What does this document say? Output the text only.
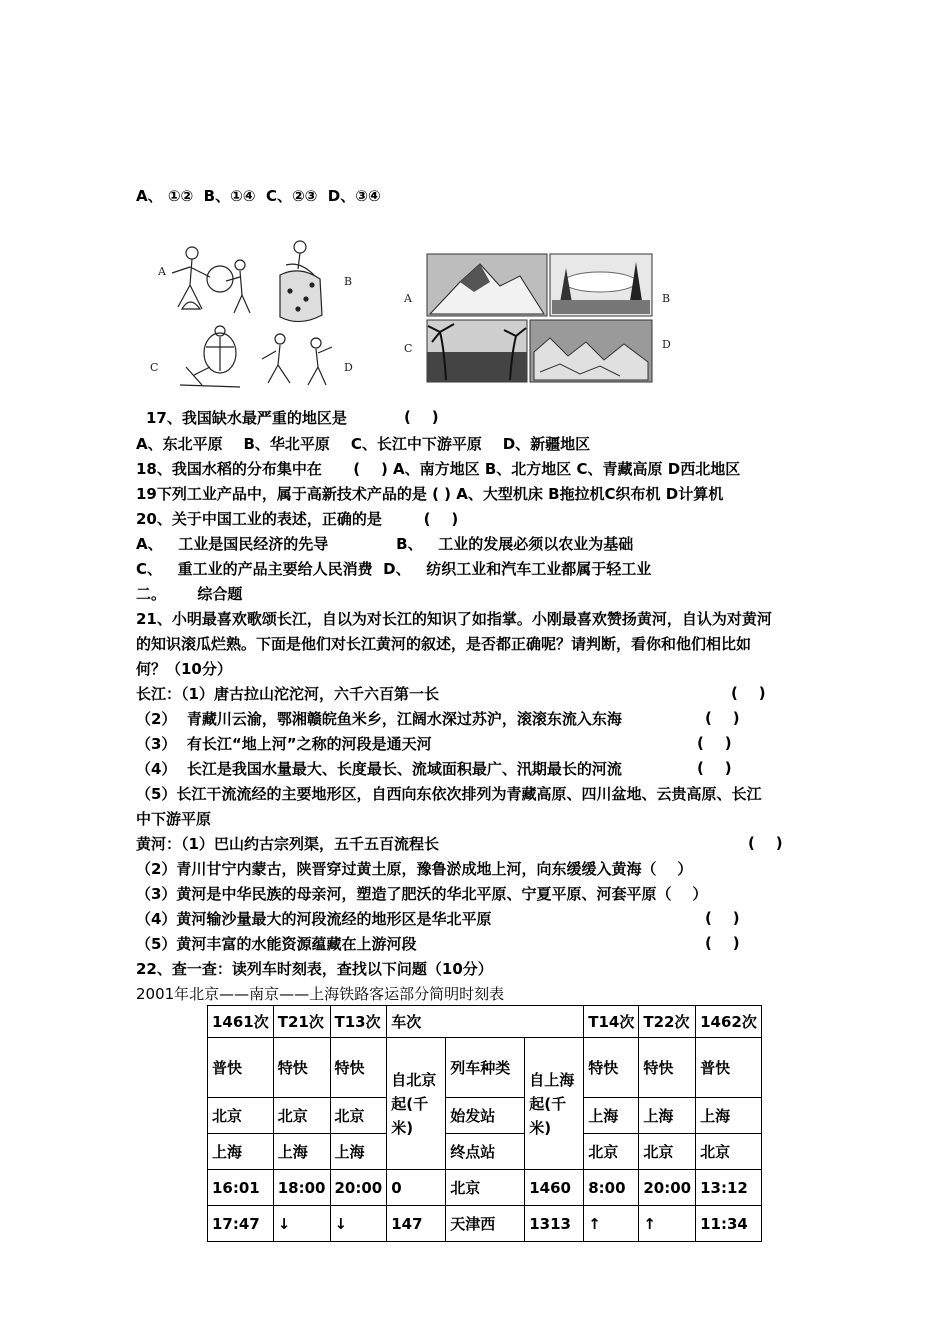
A、 ①②  B、①④  C、②③  D、③④
A
B
C	D
A	B
C	D
17、我国缺水最严重的地区是	(    )
A、东北平原    B、华北平原    C、长江中下游平原    D、新疆地区
18、我国水稻的分布集中在      (    ) A、南方地区 B、北方地区 C、青藏高原 D西北地区
19下列工业产品中，属于高新技术产品的是 ( ) A、大型机床 B拖拉机C织布机 D计算机
20、关于中国工业的表述，正确的是        (    )
A、   工业是国民经济的先导             B、   工业的发展必须以农业为基础
C、   重工业的产品主要给人民消费  D、   纺织工业和汽车工业都属于轻工业
二。      综合题
21、小明最喜欢歌颂长江，自以为对长江的知识了如指掌。小刚最喜欢赞扬黄河，自认为对黄河
的知识滚瓜烂熟。下面是他们对长江黄河的叙述，是否都正确呢？请判断，看你和他们相比如
何？（10分）
长江：（1）唐古拉山沱沱河，六千六百第一长	(    )
（2）  青藏川云渝，鄂湘赣皖鱼米乡，江阔水深过苏沪，滚滚东流入东海	(    )
（3）  有长江“地上河”之称的河段是通天河	(    )
（4）  长江是我国水量最大、长度最长、流域面积最广、汛期最长的河流	(    )
（5）长江干流流经的主要地形区，自西向东依次排列为青藏高原、四川盆地、云贵高原、长江
中下游平原
黄河：（1）巴山约古宗列渠，五千五百流程长	(    )
（2）青川甘宁内蒙古，陕晋穿过黄土原，豫鲁淤成地上河，向东缓缓入黄海（    ）
（3）黄河是中华民族的母亲河，塑造了肥沃的华北平原、宁夏平原、河套平原（    ）
（4）黄河输沙量最大的河段流经的地形区是华北平原	(    )
（5）黄河丰富的水能资源蕴藏在上游河段	(    )
22、查一查：读列车时刻表，查找以下问题（10分）
2001年北京——南京——上海铁路客运部分简明时刻表
1461次	T21次	T13次	车次			T14次	T22次	1462次
普快	特快	特快	自北京起(千米)	列车种类	自上海起(千米)	特快	特快	普快
北京	北京	北京		始发站		上海	上海	上海
上海	上海	上海		终点站		北京	北京	北京
16:01	18:00	20:00	0	北京	1460	8:00	20:00	13:12
17:47	↓	↓	147	天津西	1313	↑	↑	11:34
